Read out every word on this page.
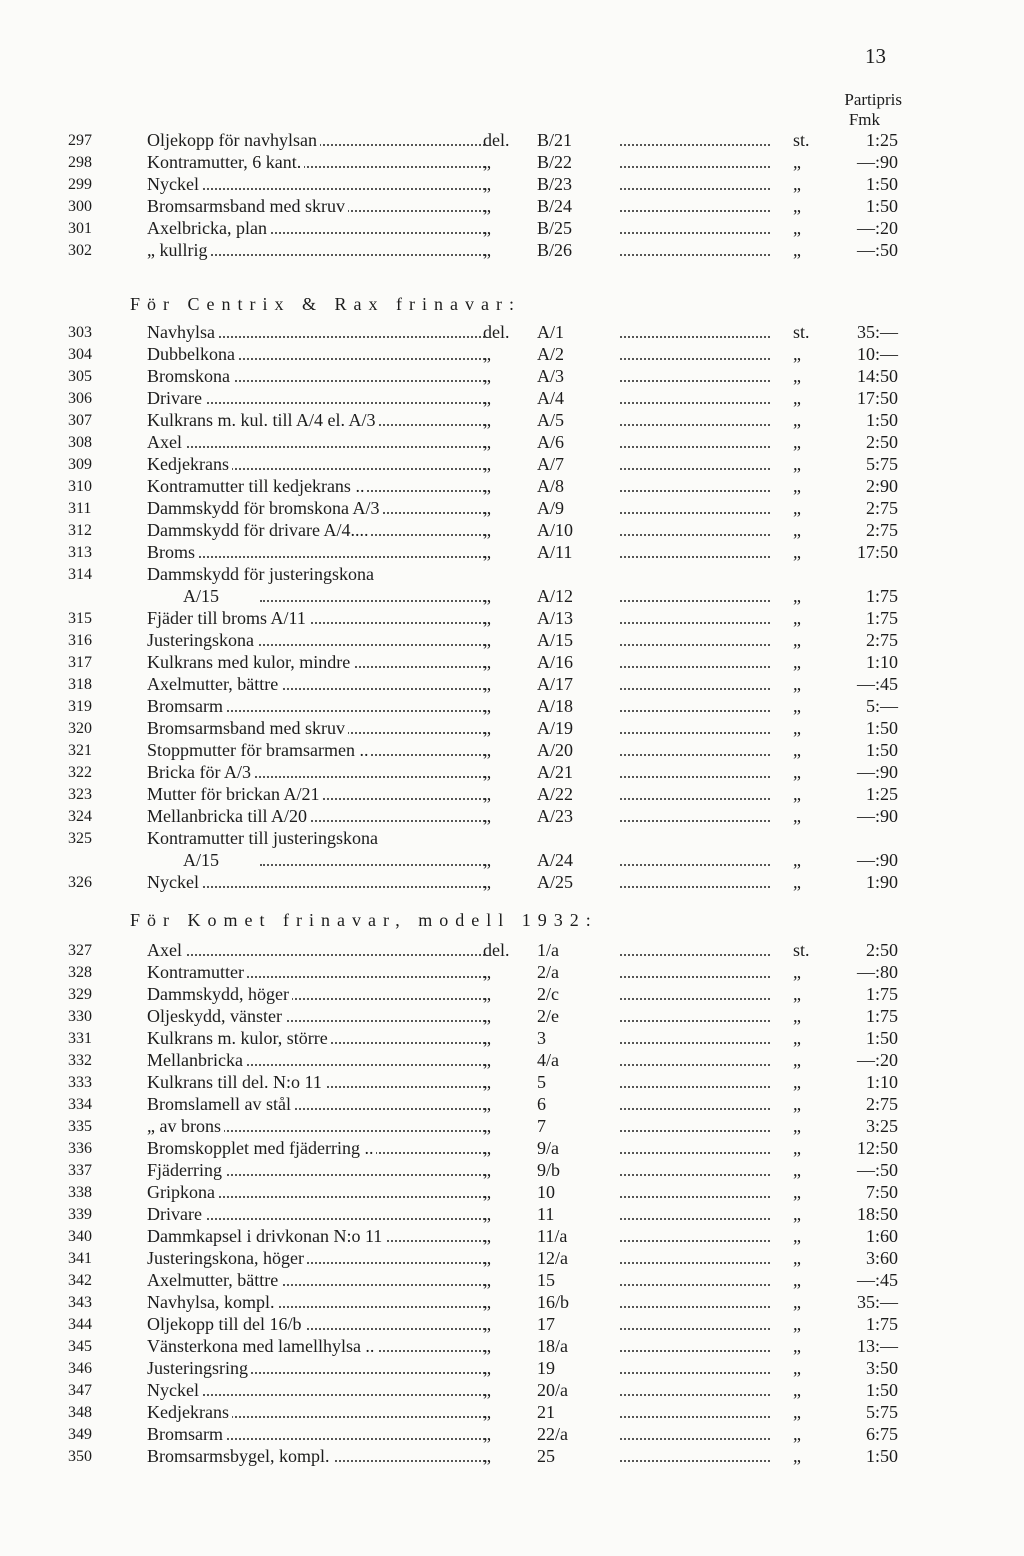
13
Partipris
Fmk
297	Oljekopp för navhylsan	del. B/21	st.	1:25
298	Kontramutter, 6 kant.	„	B/22	„	—:90
299	Nyckel	„	B/23	„	1:50
300	Bromsarmsband med skruv	„	B/24	„	1:50
301	Axelbricka, plan	„	B/25	„	—:20
302	„ kullrig	„	B/26	„	—:50
För Centrix & Rax frinavar:
303	Navhylsa	del. A/1	st.	35:—
304	Dubbelkona	„	A/2	„	10:—
305	Bromskona	„	A/3	„	14:50
306	Drivare	„	A/4	„	17:50
307	Kulkrans m. kul. till A/4 el. A/3	„	A/5	„	1:50
308	Axel	„	A/6	„	2:50
309	Kedjekrans	„	A/7	„	5:75
310	Kontramutter till kedjekrans ..	„	A/8	„	2:90
311	Dammskydd för bromskona A/3	„	A/9	„	2:75
312	Dammskydd för drivare A/4....	„	A/10	„	2:75
313	Broms	„	A/11	„	17:50
314	Dammskydd för justeringskona
A/15	„	A/12	„	1:75
315	Fjäder till broms A/11	„	A/13	„	1:75
316	Justeringskona	„	A/15	„	2:75
317	Kulkrans med kulor, mindre	„	A/16	„	1:10
318	Axelmutter, bättre	„	A/17	„	—:45
319	Bromsarm	„	A/18	„	5:—
320	Bromsarmsband med skruv	„	A/19	„	1:50
321	Stoppmutter för bramsarmen ..	„	A/20	„	1:50
322	Bricka för A/3	„	A/21	„	—:90
323	Mutter för brickan A/21	„	A/22	„	1:25
324	Mellanbricka till A/20	„	A/23	„	—:90
325	Kontramutter till justeringskona
A/15	„	A/24	„	—:90
326	Nyckel	„	A/25	„	1:90
För Komet frinavar, modell 1932:
327	Axel	del. 1/a	st.	2:50
328	Kontramutter	„	2/a	„	—:80
329	Dammskydd, höger	„	2/c	„	1:75
330	Oljeskydd, vänster	„	2/e	„	1:75
331	Kulkrans m. kulor, större	„	3	„	1:50
332	Mellanbricka	„	4/a	„	—:20
333	Kulkrans till del. N:o 11	„	5	„	1:10
334	Bromslamell av stål	„	6	„	2:75
335	„ av brons	„	7	„	3:25
336	Bromskopplet med fjäderring ..	„	9/a	„	12:50
337	Fjäderring	„	9/b	„	—:50
338	Gripkona	„	10	„	7:50
339	Drivare	„	11	„	18:50
340	Dammkapsel i drivkonan N:o 11	„	11/a	„	1:60
341	Justeringskona, höger	„	12/a	„	3:60
342	Axelmutter, bättre	„	15	„	—:45
343	Navhylsa, kompl.	„	16/b	„	35:—
344	Oljekopp till del 16/b	„	17	„	1:75
345	Vänsterkona med lamellhylsa ..	„	18/a	„	13:—
346	Justeringsring	„	19	„	3:50
347	Nyckel	„	20/a	„	1:50
348	Kedjekrans	„	21	„	5:75
349	Bromsarm	„	22/a	„	6:75
350	Bromsarmsbygel, kompl.	„	25	„	1:50
